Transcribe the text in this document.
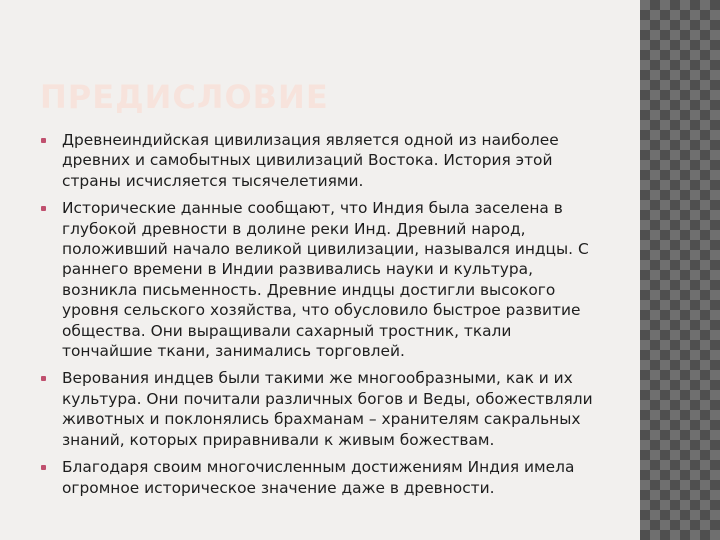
ПРЕДИСЛОВИЕ
Древнеиндийская цивилизация является одной из наиболее древних и самобытных цивилизаций Востока. История этой страны исчисляется тысячелетиями.
Исторические данные сообщают, что Индия была заселена в глубокой древности в долине реки Инд. Древний народ, положивший начало великой цивилизации, назывался индцы. С раннего времени в Индии развивались науки и культура, возникла письменность. Древние индцы достигли высокого уровня сельского хозяйства, что обусловило быстрое развитие общества. Они выращивали сахарный тростник, ткали тончайшие ткани, занимались торговлей.
Верования индцев были такими же многообразными, как и их культура. Они почитали различных богов и Веды, обожествляли животных и поклонялись брахманам – хранителям сакральных знаний, которых приравнивали к живым божествам.
Благодаря своим многочисленным достижениям Индия имела огромное историческое значение даже в древности.
